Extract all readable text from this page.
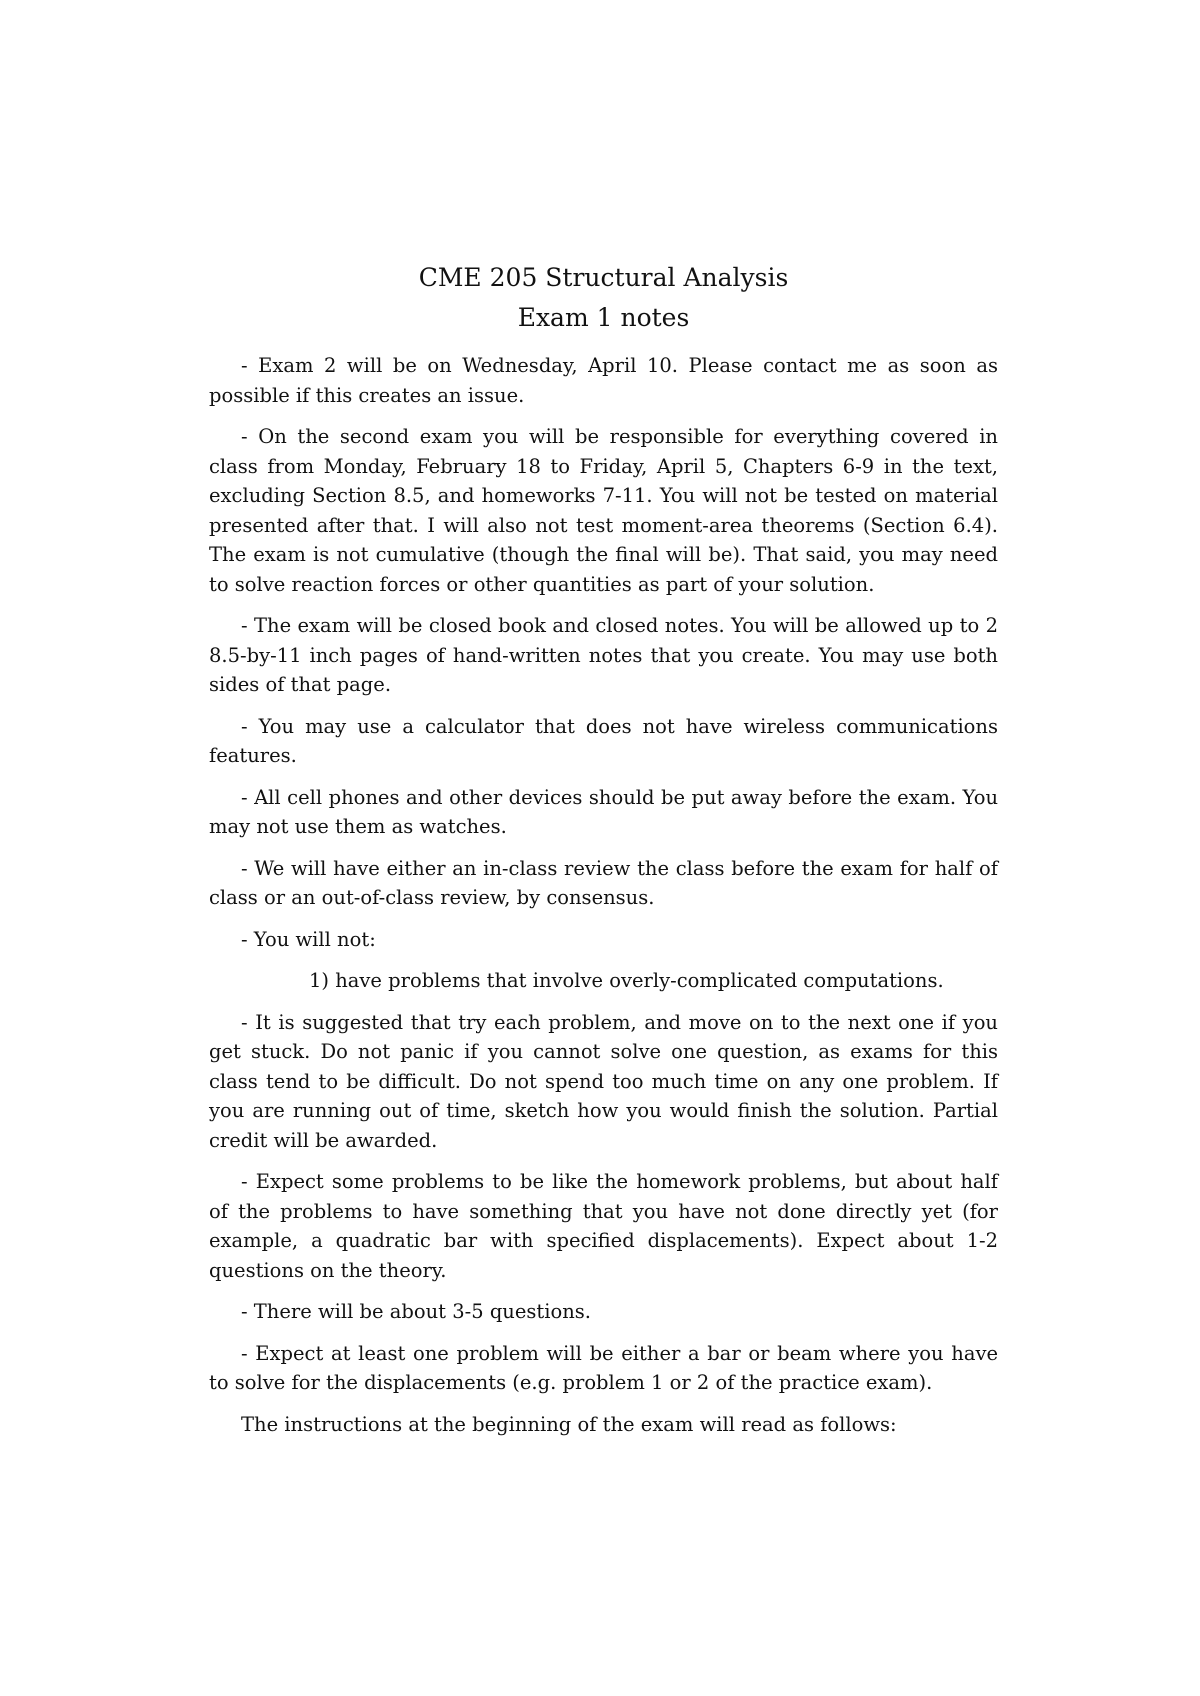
CME 205 Structural Analysis
Exam 1 notes

- Exam 2 will be on Wednesday, April 10. Please contact me as soon as possible if this creates an issue.

- On the second exam you will be responsible for everything covered in class from Monday, February 18 to Friday, April 5, Chapters 6-9 in the text, excluding Section 8.5, and homeworks 7-11. You will not be tested on material presented after that. I will also not test moment-area theorems (Section 6.4). The exam is not cumulative (though the final will be). That said, you may need to solve reaction forces or other quantities as part of your solution.

- The exam will be closed book and closed notes. You will be allowed up to 2 8.5-by-11 inch pages of hand-written notes that you create. You may use both sides of that page.

- You may use a calculator that does not have wireless communications features.

- All cell phones and other devices should be put away before the exam. You may not use them as watches.

- We will have either an in-class review the class before the exam for half of class or an out-of-class review, by consensus.

- You will not:

1) have problems that involve overly-complicated computations.

- It is suggested that try each problem, and move on to the next one if you get stuck. Do not panic if you cannot solve one question, as exams for this class tend to be difficult. Do not spend too much time on any one problem. If you are running out of time, sketch how you would finish the solution. Partial credit will be awarded.

- Expect some problems to be like the homework problems, but about half of the problems to have something that you have not done directly yet (for example, a quadratic bar with specified displacements). Expect about 1-2 questions on the theory.

- There will be about 3-5 questions.

- Expect at least one problem will be either a bar or beam where you have to solve for the displacements (e.g. problem 1 or 2 of the practice exam).

The instructions at the beginning of the exam will read as follows:
